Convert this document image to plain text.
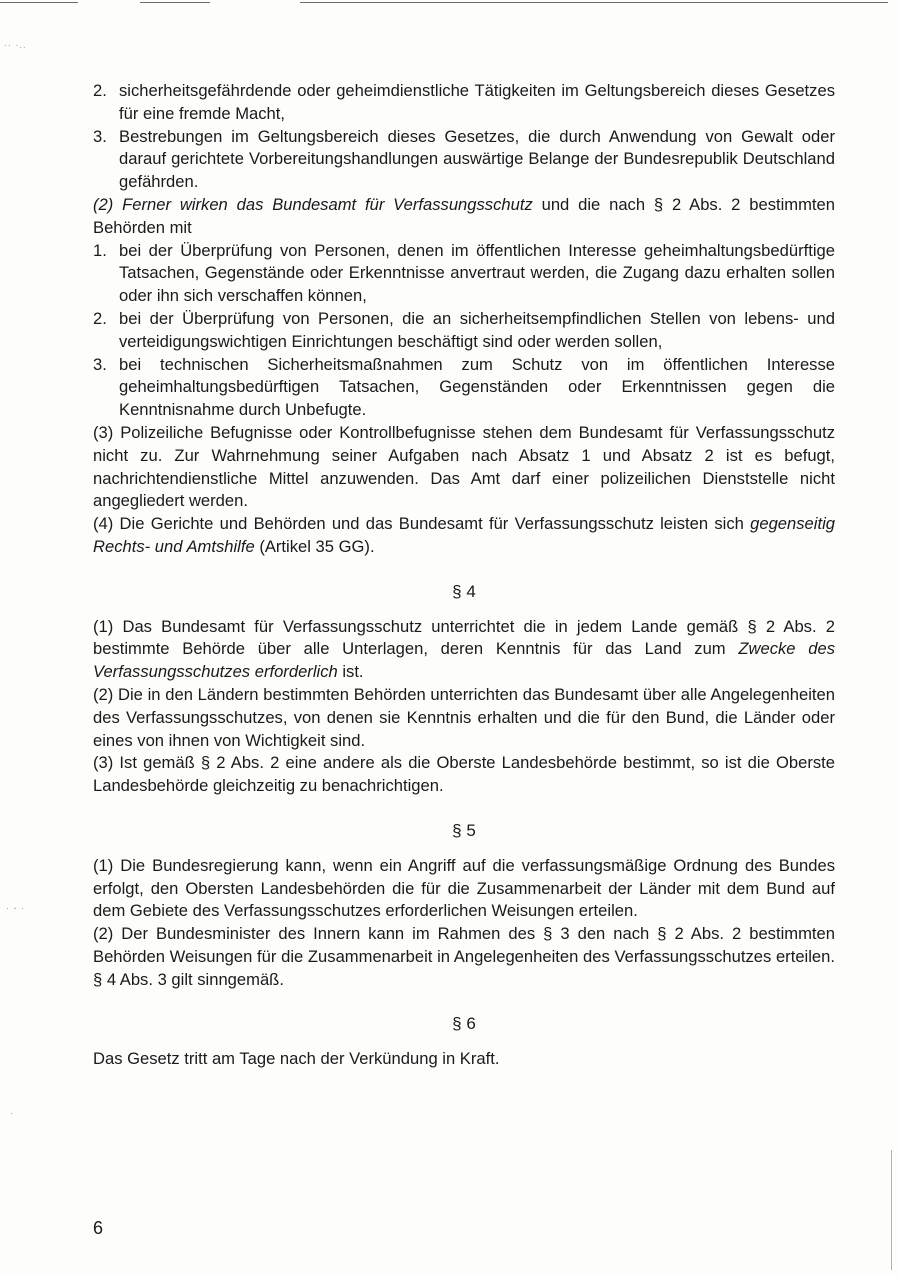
·· ·..
· - ·
·
2. sicherheitsgefährdende oder geheimdienstliche Tätigkeiten im Geltungsbereich dieses Gesetzes für eine fremde Macht,
3. Bestrebungen im Geltungsbereich dieses Gesetzes, die durch Anwendung von Gewalt oder darauf gerichtete Vorbereitungshandlungen auswärtige Belange der Bundesrepublik Deutschland gefährden.

(2) Ferner wirken das Bundesamt für Verfassungsschutz und die nach § 2 Abs. 2 bestimmten Behörden mit

1. bei der Überprüfung von Personen, denen im öffentlichen Interesse geheimhaltungsbedürftige Tatsachen, Gegenstände oder Erkenntnisse anvertraut werden, die Zugang dazu erhalten sollen oder ihn sich verschaffen können,
2. bei der Überprüfung von Personen, die an sicherheitsempfindlichen Stellen von lebens- und verteidigungswichtigen Einrichtungen beschäftigt sind oder werden sollen,
3. bei technischen Sicherheitsmaßnahmen zum Schutz von im öffentlichen Interesse geheimhaltungsbedürftigen Tatsachen, Gegenständen oder Erkenntnissen gegen die Kenntnisnahme durch Unbefugte.

(3) Polizeiliche Befugnisse oder Kontrollbefugnisse stehen dem Bundesamt für Verfassungsschutz nicht zu. Zur Wahrnehmung seiner Aufgaben nach Absatz 1 und Absatz 2 ist es befugt, nachrichtendienstliche Mittel anzuwenden. Das Amt darf einer polizeilichen Dienststelle nicht angegliedert werden.

(4) Die Gerichte und Behörden und das Bundesamt für Verfassungsschutz leisten sich gegenseitig Rechts- und Amtshilfe (Artikel 35 GG).

§ 4

(1) Das Bundesamt für Verfassungsschutz unterrichtet die in jedem Lande gemäß § 2 Abs. 2 bestimmte Behörde über alle Unterlagen, deren Kenntnis für das Land zum Zwecke des Verfassungsschutzes erforderlich ist.

(2) Die in den Ländern bestimmten Behörden unterrichten das Bundesamt über alle Angelegenheiten des Verfassungsschutzes, von denen sie Kenntnis erhalten und die für den Bund, die Länder oder eines von ihnen von Wichtigkeit sind.

(3) Ist gemäß § 2 Abs. 2 eine andere als die Oberste Landesbehörde bestimmt, so ist die Oberste Landesbehörde gleichzeitig zu benachrichtigen.

§ 5

(1) Die Bundesregierung kann, wenn ein Angriff auf die verfassungsmäßige Ordnung des Bundes erfolgt, den Obersten Landesbehörden die für die Zusammenarbeit der Länder mit dem Bund auf dem Gebiete des Verfassungsschutzes erforderlichen Weisungen erteilen.

(2) Der Bundesminister des Innern kann im Rahmen des § 3 den nach § 2 Abs. 2 bestimmten Behörden Weisungen für die Zusammenarbeit in Angelegenheiten des Verfassungsschutzes erteilen. § 4 Abs. 3 gilt sinngemäß.

§ 6

Das Gesetz tritt am Tage nach der Verkündung in Kraft.

6
